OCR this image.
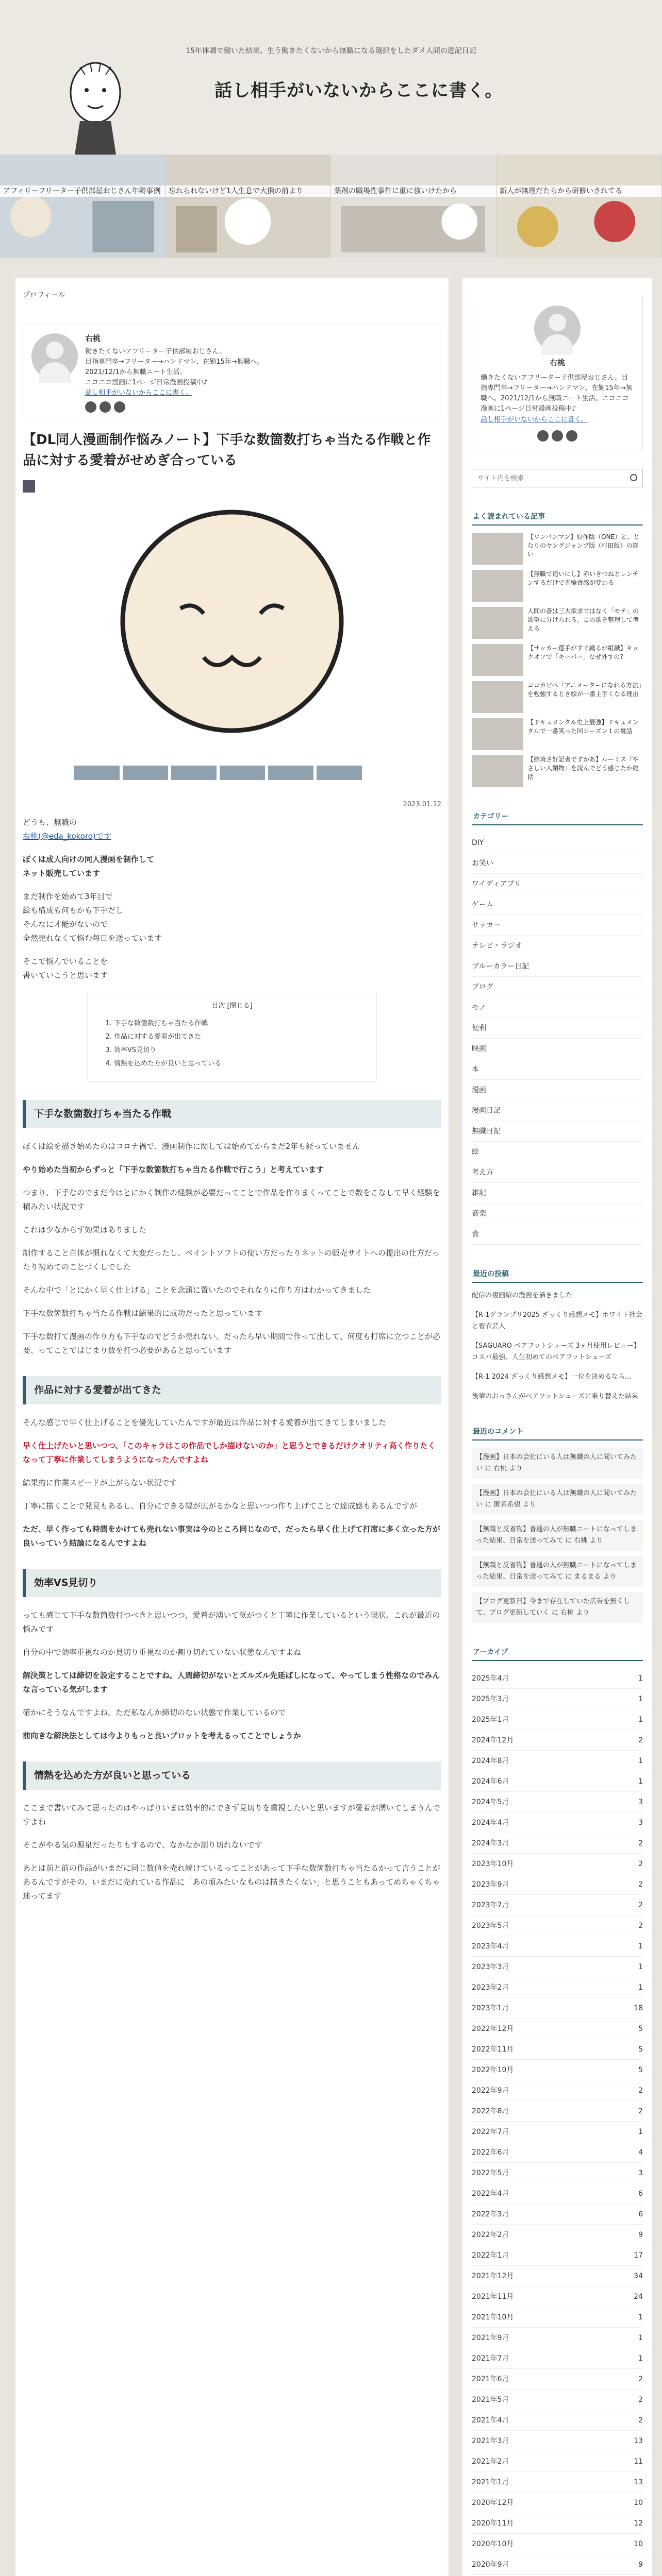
15年体調で働いた結果、生う働きたくないから無職になる選択をしたダメ人間の遊記日記
話し相手がいないからここに書く。
アフィリーフリーター子供部屋おじさん年齢事例	忘れられないけど1人生息で大損の前より	薬剤の職場性事件に重に強いけたから	新人が無理だたらから研修いされてる
プロフィール
右桃
働きたくないアフリーター子供部屋おじさん。
目指専門卒→フリーター→ハンドマン、在勤15年→無職へ。
2021/12/1から無職ニート生活。
ニコニコ漫画に1ページ日常漫画投稿中♪
話し相手がいないからここに書く。
【DL同人漫画制作悩みノート】下手な数箇数打ちゃ当たる作戦と作品に対する愛着がせめぎ合っている
2023.01.12

どうも、無職の
右桃(@eda_kokoro)です

ぼくは成人向けの同人漫画を制作して
ネット販売しています

まだ制作を始めて3年目で
絵も構成も何もかも下手だし
そんなに才能がないので
全然売れなくて悩む毎日を送っています

そこで悩んでいることを
書いていこうと思います

目次 [閉じる]
1. 下手な数箇数打ちゃ当たる作戦
2. 作品に対する愛着が出てきた
3. 効率VS見切り
4. 情熱を込めた方が良いと思っている
下手な数箇数打ちゃ当たる作戦

ぼくは絵を描き始めたのはコロナ禍で、漫画制作に関しては始めてからまだ2年も経っていません

やり始めた当初からずっと「下手な数箇数打ちゃ当たる作戦で行こう」と考えています

つまり、下手なのでまだ今はとにかく制作の経験が必要だってことで作品を作りまくってことで数をこなして早く経験を積みたい状況です

これは少なからず効果はありました

制作すること自体が慣れなくて大変だったし、ペイントソフトの使い方だったりネットの販売サイトへの提出の仕方だったり初めてのことづくしでした

そんな中で「とにかく早く仕上げる」ことを念頭に置いたのでそれなりに作り方はわかってきました

下手な数箇数打ちゃ当たる作戦は結果的に成功だったと思っています

下手な数打て漫画の作り方も下手なのでどうか売れない。だったら早い期間で作って出して、何度も打席に立つことが必要、ってことではじまり数を打つ必要があると思っています

作品に対する愛着が出てきた

そんな感じで早く仕上げることを優先していたんですが最近は作品に対する愛着が出てきてしまいました

早く仕上げたいと思いつつ、「このキャラはこの作品でしか描けないのか」と思うとできるだけクオリティ高く作りたくなって丁寧に作業してしまうようになったんですよね

結果的に作業スピードが上がらない状況です

丁寧に描くことで発見もあるし、自分にできる幅が広がるかなと思いつつ作り上げてことで達成感もあるんですが

ただ、早く作っても時間をかけても売れない事実は今のところ同じなので、だったら早く仕上げて打席に多く立った方が良いっていう結論になるんですよね

効率VS見切り

っても感じて下手な数箇数打つべきと思いつつ、愛着が湧いて気がつくと丁寧に作業しているという現状。これが最近の悩みです

自分の中で効率重視なのか見切り重視なのか割り切れていない状態なんですよね

解決策としては締切を設定することですね。人間締切がないとズルズル先延ばしになって、やってしまう性格なのでみんな言っている気がします

確かにそうなんですよね。ただ私なんか締切のない状態で作業しているので

前向きな解決法としては今よりもっと良いプロットを考えるってことでしょうか

情熱を込めた方が良いと思っている

ここまで書いてみて思ったのはやっぱりいまは効率的にできず見切りを重視したいと思いますが愛着が湧いてしまうんですよね

そこがやる気の源泉だったりもするので、なかなか割り切れないです

あとは前と前の作品がいまだに同じ数値を売れ続けているってことがあって下手な数箇数打ちゃ当たるかって言うことがあるんですがその、いまだに売れている作品に「あの頃みたいなものは描きたくない」と思うこともあってめちゃくちゃ迷ってます

右桃
働きたくないアフリーター子供部屋おじさん。目指専門卒→フリーター→ハンドマン、在勤15年→無職へ。2021/12/1から無職ニート生活。ニコニコ漫画に1ページ日常漫画投稿中♪
話し相手がいないからここに書く。
サイト内を検索
よく読まれている記事
【ワンパンマン】原作版（ONE）と、となりのヤングジャンプ版（村田版）の違い
【無職で追いにし】赤いきつねとレンチンするだけで五輪食感が変わる
人間の善は三大欲求ではなく「モテ」の欲望に分けられる。この欲を整理して考える
【サッカー選手がすぐ蹴るが組織】キックオフで「キーパー」なぜ外すの?
ココカピペ『アニメーターになれる方法』を勉強するとき絵が一番上手くなる理由
【ドキュメンタル史上最強】ドキュメンタルで一番笑った回シーズン１の裏話
【結境さ好記者ですかあ】ルーミス『やさしい人類物』を読んでどう感じたか総括
カテゴリー
DIY
お笑い
ワイディアプリ
ゲーム
サッカー
テレビ・ラジオ
ブルーカラー日記
ブログ
モノ
便利
映画
本
漫画
漫画日記
無職日記
絵
考え方
雑記
音楽
食
最近の投稿

配信の複画紹の漫画を描きました

【R-1グランプリ2025 ざっくり感想メモ】ホワイト社会と着衣芸人

【SAGUARO ベアフットシューズ 3ヶ月使用レビュー】コスパ最強、人生初めてのベアフットシューズ

【R-1 2024 ざっくり感想メモ】一位を決めるなら…

後輩のおっさんがベアフットシューズに乗り替えた結果

最近のコメント
【漫画】日本の会社にいる人は無職の人に聞いてみたい に 右桃 より
【漫画】日本の会社にいる人は無職の人に聞いてみたい に 匿名希望 より
【無職と反省物】普通の人が無職ニートになってしまった結果、日常を送ってみて に 右桃 より
【無職と反省物】普通の人が無職ニートになってしまった結果、日常を送ってみて に まるまる より
【ブログ更新日】今まで存在していた広告を無くして、ブログ更新していく に 右桃 より
アーカイブ
2025年4月	1
2025年3月	1
2025年1月	1
2024年12月	2
2024年8月	1
2024年6月	1
2024年5月	3
2024年4月	3
2024年3月	2
2023年10月	2
2023年9月	2
2023年7月	2
2023年5月	2
2023年4月	1
2023年3月	1
2023年2月	1
2023年1月	18
2022年12月	5
2022年11月	5
2022年10月	5
2022年9月	2
2022年8月	2
2022年7月	1
2022年6月	4
2022年5月	3
2022年4月	6
2022年3月	6
2022年2月	9
2022年1月	17
2021年12月	34
2021年11月	24
2021年10月	1
2021年9月	1
2021年7月	1
2021年6月	2
2021年5月	2
2021年4月	2
2021年3月	13
2021年2月	11
2021年1月	13
2020年12月	10
2020年11月	12
2020年10月	10
2020年9月	9
